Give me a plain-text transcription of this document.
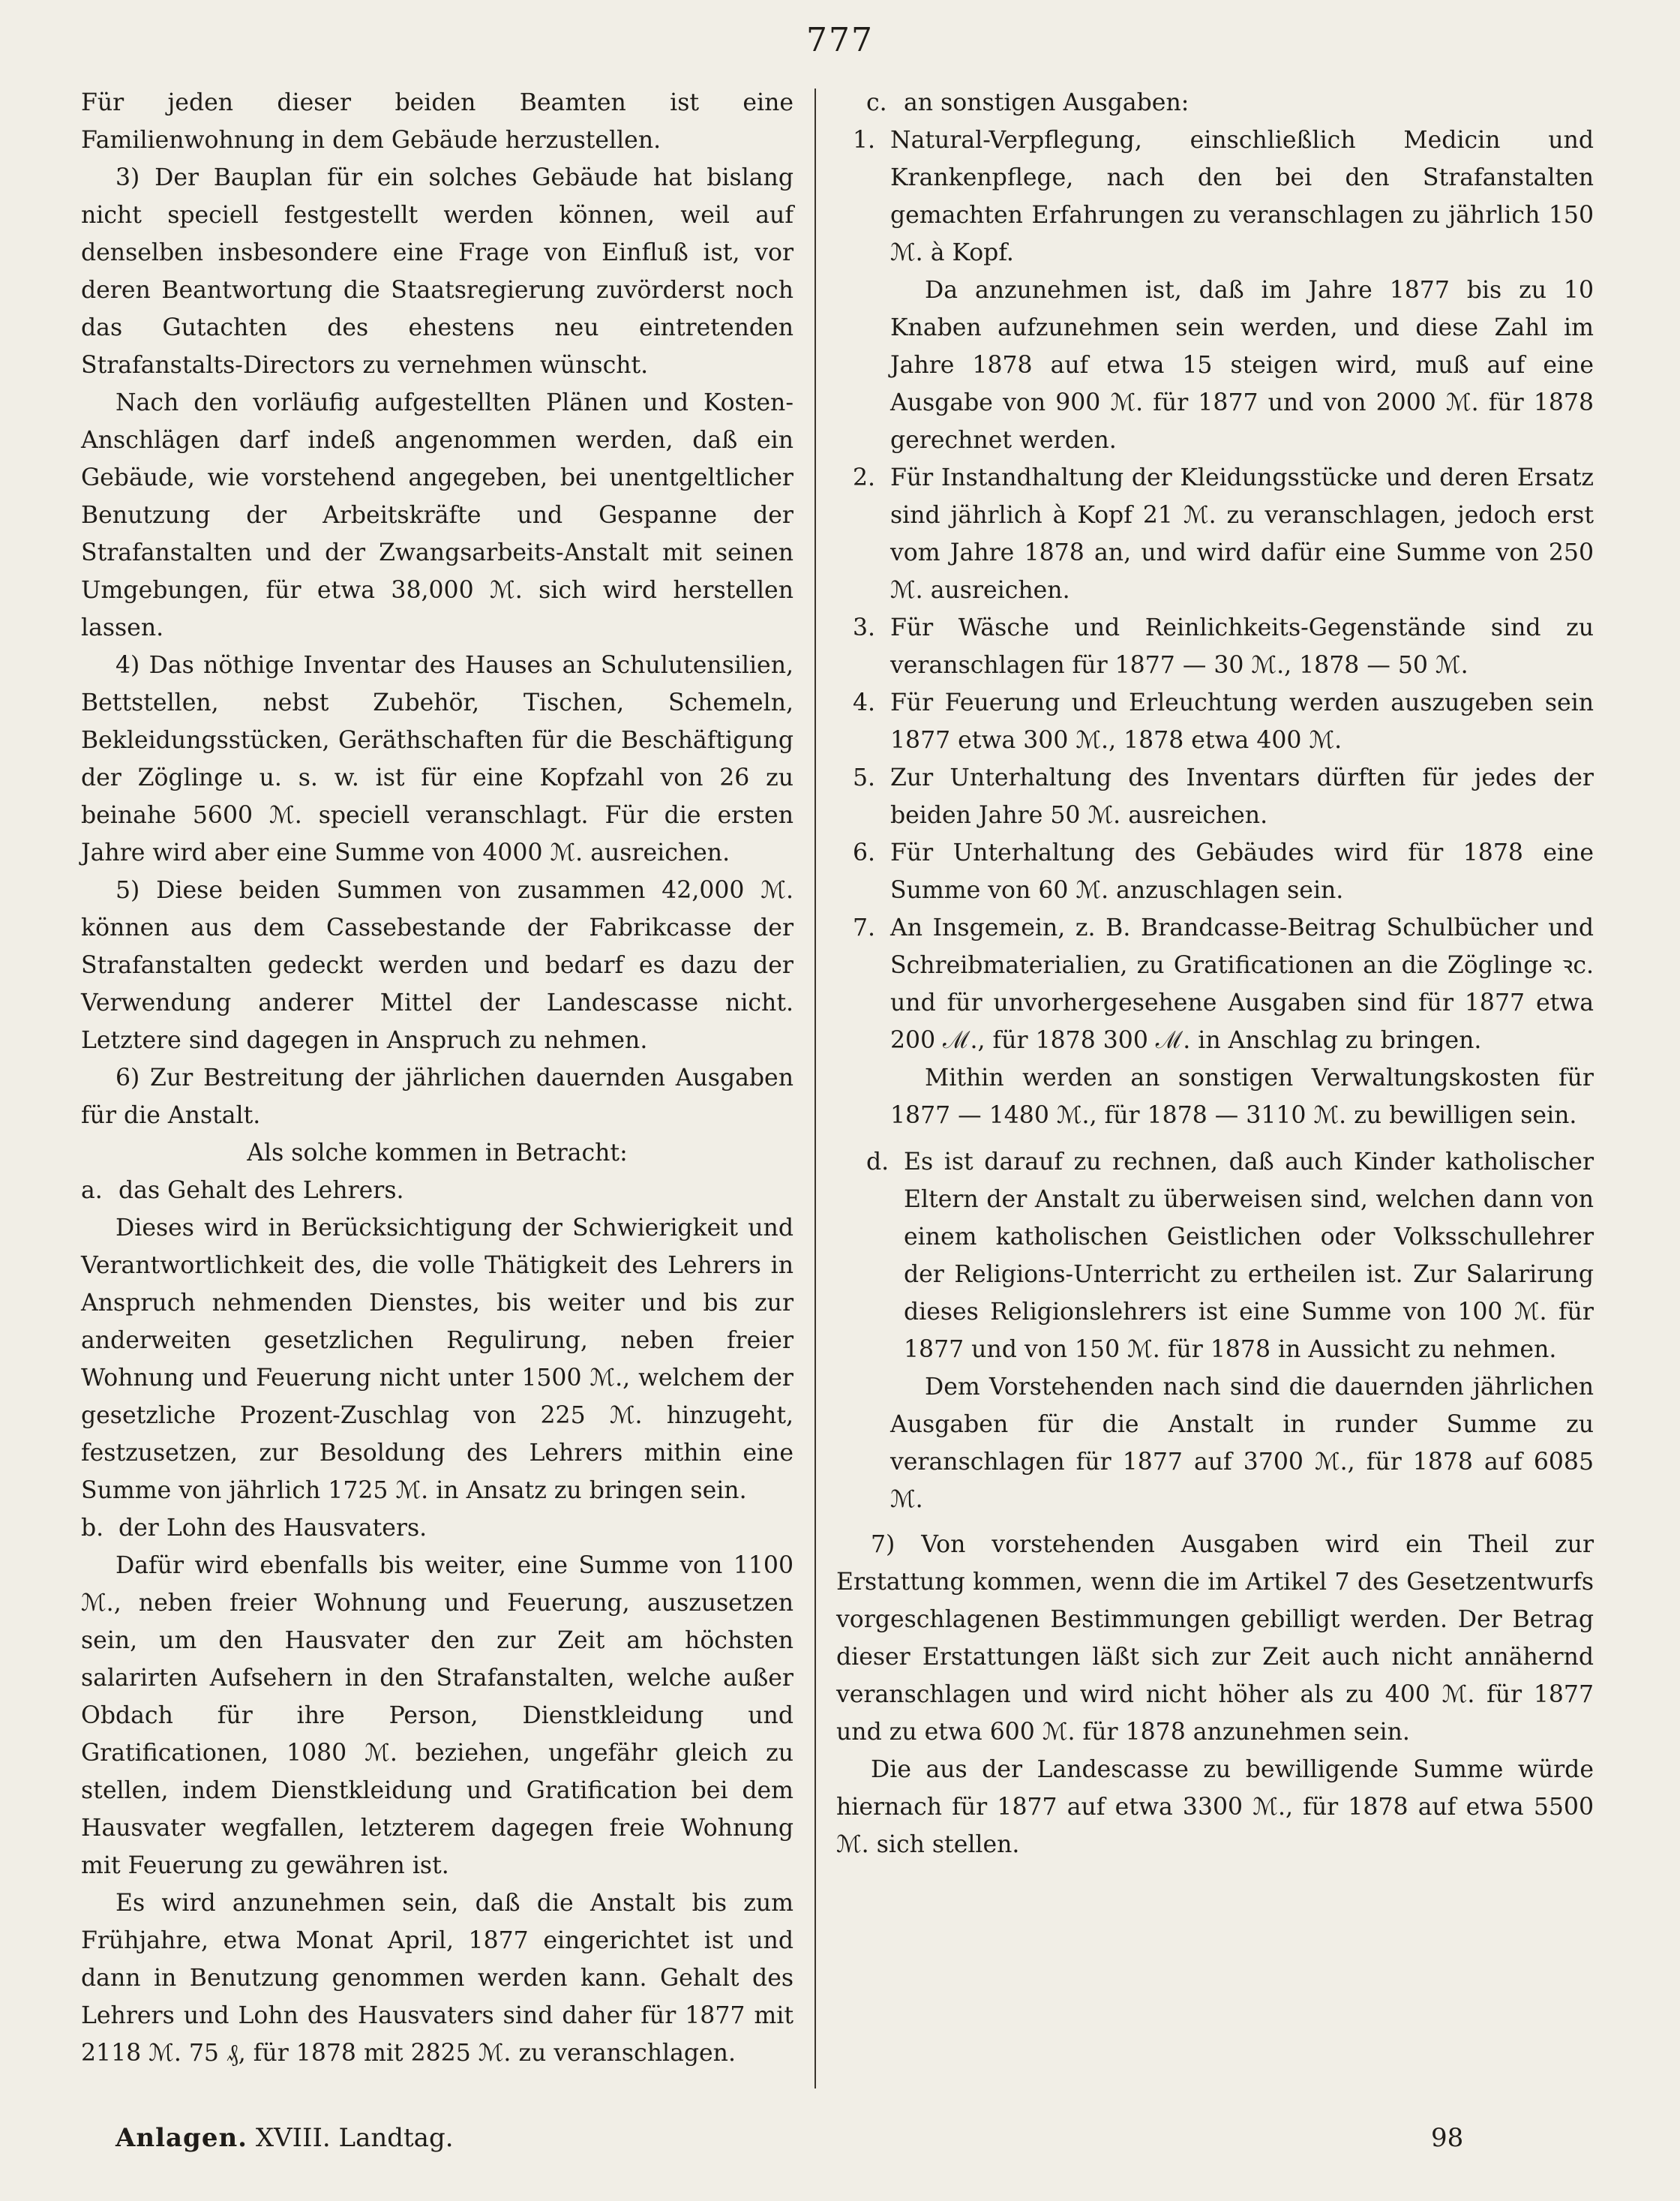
777

Für jeden dieser beiden Beamten ist eine Familienwohnung in dem Gebäude herzustellen.

3) Der Bauplan für ein solches Gebäude hat bislang nicht speciell festgestellt werden können, weil auf denselben insbesondere eine Frage von Einfluß ist, vor deren Beantwortung die Staatsregierung zuvörderst noch das Gutachten des ehestens neu eintretenden Strafanstalts-Directors zu vernehmen wünscht.

Nach den vorläufig aufgestellten Plänen und Kosten-Anschlägen darf indeß angenommen werden, daß ein Gebäude, wie vorstehend angegeben, bei unentgeltlicher Benutzung der Arbeitskräfte und Gespanne der Strafanstalten und der Zwangsarbeits-Anstalt mit seinen Umgebungen, für etwa 38,000 ℳ. sich wird herstellen lassen.

4) Das nöthige Inventar des Hauses an Schulutensilien, Bettstellen, nebst Zubehör, Tischen, Schemeln, Bekleidungsstücken, Geräthschaften für die Beschäftigung der Zöglinge u. s. w. ist für eine Kopfzahl von 26 zu beinahe 5600 ℳ. speciell veranschlagt. Für die ersten Jahre wird aber eine Summe von 4000 ℳ. ausreichen.

5) Diese beiden Summen von zusammen 42,000 ℳ. können aus dem Cassebestande der Fabrikcasse der Strafanstalten gedeckt werden und bedarf es dazu der Verwendung anderer Mittel der Landescasse nicht. Letztere sind dagegen in Anspruch zu nehmen.

6) Zur Bestreitung der jährlichen dauernden Ausgaben für die Anstalt.

Als solche kommen in Betracht:

a. das Gehalt des Lehrers.

Dieses wird in Berücksichtigung der Schwierigkeit und Verantwortlichkeit des, die volle Thätigkeit des Lehrers in Anspruch nehmenden Dienstes, bis weiter und bis zur anderweiten gesetzlichen Regulirung, neben freier Wohnung und Feuerung nicht unter 1500 ℳ., welchem der gesetzliche Prozent-Zuschlag von 225 ℳ. hinzugeht, festzusetzen, zur Besoldung des Lehrers mithin eine Summe von jährlich 1725 ℳ. in Ansatz zu bringen sein.

b. der Lohn des Hausvaters.

Dafür wird ebenfalls bis weiter, eine Summe von 1100 ℳ., neben freier Wohnung und Feuerung, auszusetzen sein, um den Hausvater den zur Zeit am höchsten salarirten Aufsehern in den Strafanstalten, welche außer Obdach für ihre Person, Dienstkleidung und Gratificationen, 1080 ℳ. beziehen, ungefähr gleich zu stellen, indem Dienstkleidung und Gratification bei dem Hausvater wegfallen, letzterem dagegen freie Wohnung mit Feuerung zu gewähren ist.

Es wird anzunehmen sein, daß die Anstalt bis zum Frühjahre, etwa Monat April, 1877 eingerichtet ist und dann in Benutzung genommen werden kann. Gehalt des Lehrers und Lohn des Hausvaters sind daher für 1877 mit 2118 ℳ. 75 ₰, für 1878 mit 2825 ℳ. zu veranschlagen.

c. an sonstigen Ausgaben:
1. Natural-Verpflegung, einschließlich Medicin und Krankenpflege, nach den bei den Strafanstalten gemachten Erfahrungen zu veranschlagen zu jährlich 150 ℳ. à Kopf.

Da anzunehmen ist, daß im Jahre 1877 bis zu 10 Knaben aufzunehmen sein werden, und diese Zahl im Jahre 1878 auf etwa 15 steigen wird, muß auf eine Ausgabe von 900 ℳ. für 1877 und von 2000 ℳ. für 1878 gerechnet werden.

2. Für Instandhaltung der Kleidungsstücke und deren Ersatz sind jährlich à Kopf 21 ℳ. zu veranschlagen, jedoch erst vom Jahre 1878 an, und wird dafür eine Summe von 250 ℳ. ausreichen.
3. Für Wäsche und Reinlichkeits-Gegenstände sind zu veranschlagen für 1877 — 30 ℳ., 1878 — 50 ℳ.
4. Für Feuerung und Erleuchtung werden auszugeben sein 1877 etwa 300 ℳ., 1878 etwa 400 ℳ.
5. Zur Unterhaltung des Inventars dürften für jedes der beiden Jahre 50 ℳ. ausreichen.
6. Für Unterhaltung des Gebäudes wird für 1878 eine Summe von 60 ℳ. anzuschlagen sein.
7. An Insgemein, z. B. Brandcasse-Beitrag Schulbücher und Schreibmaterialien, zu Gratificationen an die Zöglinge ꝛc. und für unvorhergesehene Ausgaben sind für 1877 etwa 200 ℳ., für 1878 300 ℳ. in Anschlag zu bringen.

Mithin werden an sonstigen Verwaltungskosten für 1877 — 1480 ℳ., für 1878 — 3110 ℳ. zu bewilligen sein.

d. Es ist darauf zu rechnen, daß auch Kinder katholischer Eltern der Anstalt zu überweisen sind, welchen dann von einem katholischen Geistlichen oder Volksschullehrer der Religions-Unterricht zu ertheilen ist. Zur Salarirung dieses Religionslehrers ist eine Summe von 100 ℳ. für 1877 und von 150 ℳ. für 1878 in Aussicht zu nehmen.

Dem Vorstehenden nach sind die dauernden jährlichen Ausgaben für die Anstalt in runder Summe zu veranschlagen für 1877 auf 3700 ℳ., für 1878 auf 6085 ℳ.

7) Von vorstehenden Ausgaben wird ein Theil zur Erstattung kommen, wenn die im Artikel 7 des Gesetzentwurfs vorgeschlagenen Bestimmungen gebilligt werden. Der Betrag dieser Erstattungen läßt sich zur Zeit auch nicht annähernd veranschlagen und wird nicht höher als zu 400 ℳ. für 1877 und zu etwa 600 ℳ. für 1878 anzunehmen sein.

Die aus der Landescasse zu bewilligende Summe würde hiernach für 1877 auf etwa 3300 ℳ., für 1878 auf etwa 5500 ℳ. sich stellen.

Anlagen. XVIII. Landtag.	98
